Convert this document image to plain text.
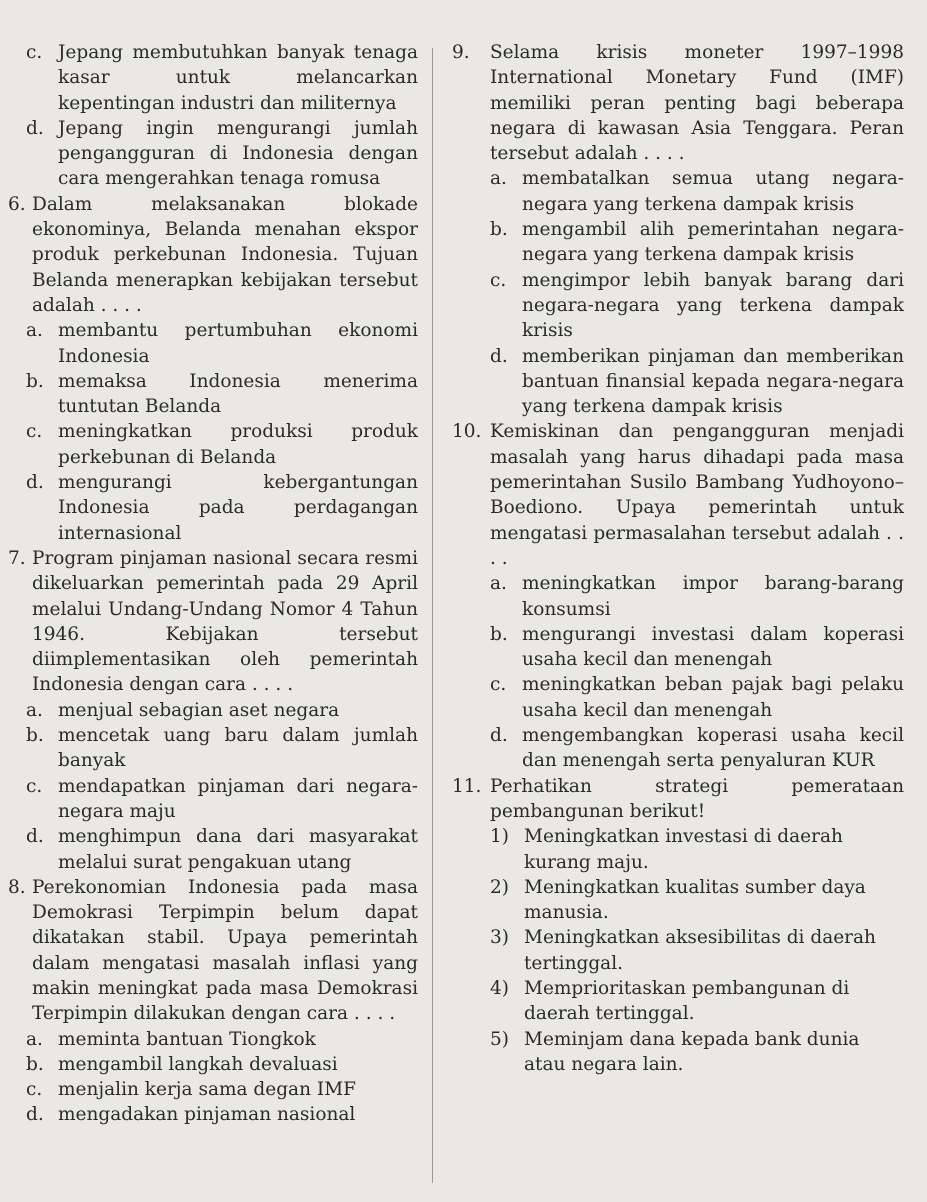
c. Jepang membutuhkan banyak tenaga kasar untuk melancarkan kepentingan industri dan militernya
d. Jepang ingin mengurangi jumlah pengangguran di Indonesia dengan cara mengerahkan tenaga romusa
6. Dalam melaksanakan blokade ekonominya, Belanda menahan ekspor produk perkebunan Indonesia. Tujuan Belanda menerapkan kebijakan tersebut adalah . . . .
a. membantu pertumbuhan ekonomi Indonesia
b. memaksa Indonesia menerima tuntutan Belanda
c. meningkatkan produksi produk perkebunan di Belanda
d. mengurangi kebergantungan Indonesia pada perdagangan internasional
7. Program pinjaman nasional secara resmi dikeluarkan pemerintah pada 29 April melalui Undang-Undang Nomor 4 Tahun 1946. Kebijakan tersebut diimplementasikan oleh pemerintah Indonesia dengan cara . . . .
a. menjual sebagian aset negara
b. mencetak uang baru dalam jumlah banyak
c. mendapatkan pinjaman dari negara-negara maju
d. menghimpun dana dari masyarakat melalui surat pengakuan utang
8. Perekonomian Indonesia pada masa Demokrasi Terpimpin belum dapat dikatakan stabil. Upaya pemerintah dalam mengatasi masalah inflasi yang makin meningkat pada masa Demokrasi Terpimpin dilakukan dengan cara . . . .
a. meminta bantuan Tiongkok
b. mengambil langkah devaluasi
c. menjalin kerja sama degan IMF
d. mengadakan pinjaman nasional
9.	Selama krisis moneter 1997–1998 International Monetary Fund (IMF) memiliki peran penting bagi beberapa negara di kawasan Asia Tenggara. Peran tersebut adalah . . . .
a. membatalkan semua utang negara-negara yang terkena dampak krisis
b. mengambil alih pemerintahan negara-negara yang terkena dampak krisis
c. mengimpor lebih banyak barang dari negara-negara yang terkena dampak krisis
d. memberikan pinjaman dan memberikan bantuan finansial kepada negara-negara yang terkena dampak krisis
10. Kemiskinan dan pengangguran menjadi masalah yang harus dihadapi pada masa pemerintahan Susilo Bambang Yudhoyono–Boediono. Upaya pemerintah untuk mengatasi permasalahan tersebut adalah . . . .
a. meningkatkan impor barang-barang konsumsi
b. mengurangi investasi dalam koperasi usaha kecil dan menengah
c. meningkatkan beban pajak bagi pelaku usaha kecil dan menengah
d. mengembangkan koperasi usaha kecil dan menengah serta penyaluran KUR
11. Perhatikan strategi pemerataan pembangunan berikut!
1) Meningkatkan investasi di daerah kurang maju.
2) Meningkatkan kualitas sumber daya manusia.
3) Meningkatkan aksesibilitas di daerah tertinggal.
4) Memprioritaskan pembangunan di daerah tertinggal.
5) Meminjam dana kepada bank dunia atau negara lain.
